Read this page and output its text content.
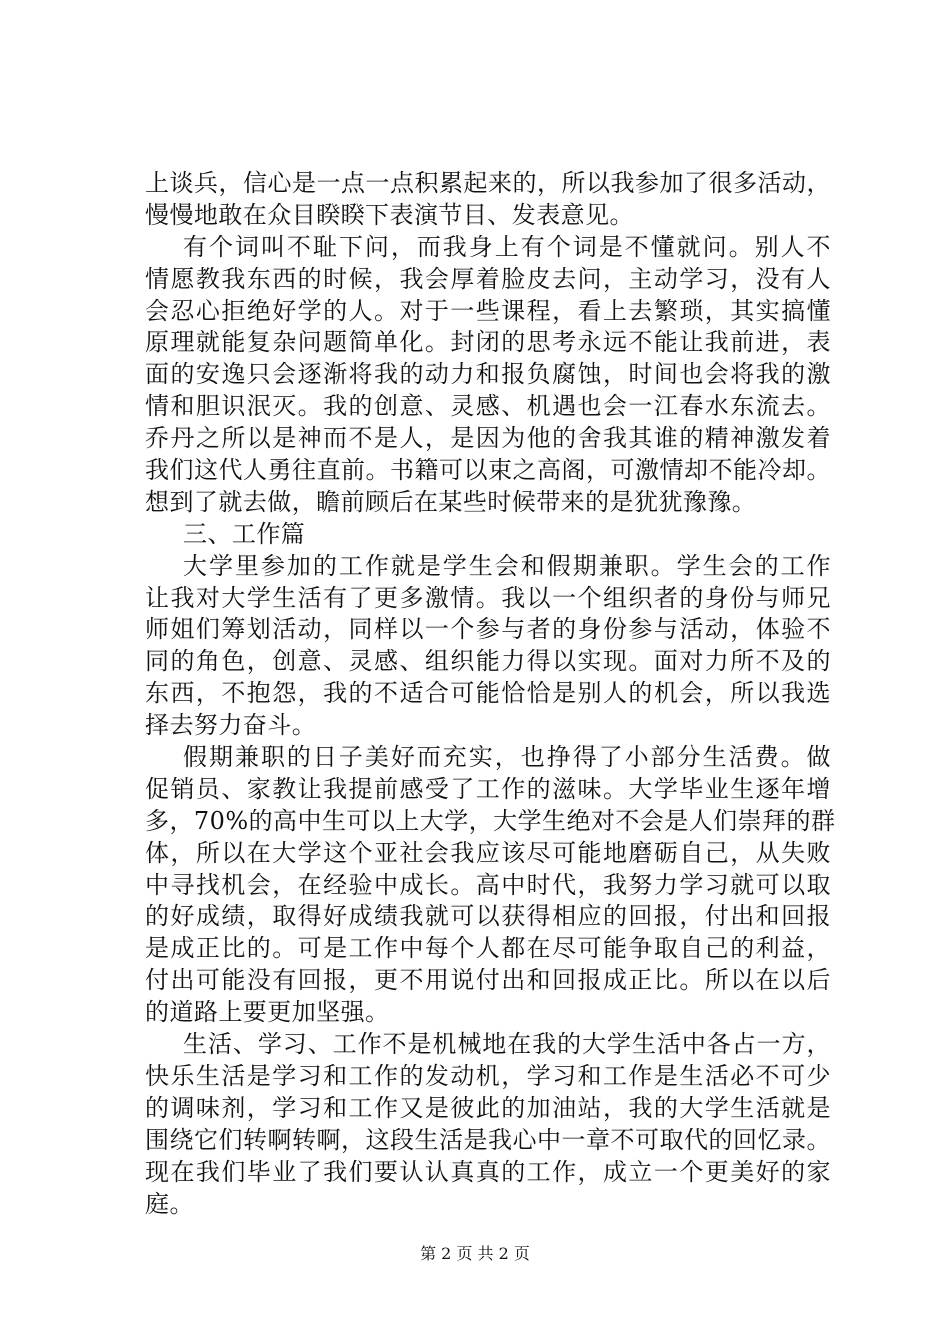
上谈兵，信心是一点一点积累起来的，所以我参加了很多活动，
慢慢地敢在众目睽睽下表演节目、发表意见。
有个词叫不耻下问，而我身上有个词是不懂就问。别人不
情愿教我东西的时候，我会厚着脸皮去问，主动学习，没有人
会忍心拒绝好学的人。对于一些课程，看上去繁琐，其实搞懂
原理就能复杂问题简单化。封闭的思考永远不能让我前进，表
面的安逸只会逐渐将我的动力和报负腐蚀，时间也会将我的激
情和胆识泯灭。我的创意、灵感、机遇也会一江春水东流去。
乔丹之所以是神而不是人，是因为他的舍我其谁的精神激发着
我们这代人勇往直前。书籍可以束之高阁，可激情却不能冷却。
想到了就去做，瞻前顾后在某些时候带来的是犹犹豫豫。
三、工作篇
大学里参加的工作就是学生会和假期兼职。学生会的工作
让我对大学生活有了更多激情。我以一个组织者的身份与师兄
师姐们筹划活动，同样以一个参与者的身份参与活动，体验不
同的角色，创意、灵感、组织能力得以实现。面对力所不及的
东西，不抱怨，我的不适合可能恰恰是别人的机会，所以我选
择去努力奋斗。
假期兼职的日子美好而充实，也挣得了小部分生活费。做
促销员、家教让我提前感受了工作的滋味。大学毕业生逐年增
多，70%的高中生可以上大学，大学生绝对不会是人们崇拜的群
体，所以在大学这个亚社会我应该尽可能地磨砺自己，从失败
中寻找机会，在经验中成长。高中时代，我努力学习就可以取
的好成绩，取得好成绩我就可以获得相应的回报，付出和回报
是成正比的。可是工作中每个人都在尽可能争取自己的利益，
付出可能没有回报，更不用说付出和回报成正比。所以在以后
的道路上要更加坚强。
生活、学习、工作不是机械地在我的大学生活中各占一方，
快乐生活是学习和工作的发动机，学习和工作是生活必不可少
的调味剂，学习和工作又是彼此的加油站，我的大学生活就是
围绕它们转啊转啊，这段生活是我心中一章不可取代的回忆录。
现在我们毕业了我们要认认真真的工作，成立一个更美好的家
庭。
第 2 页 共 2 页
